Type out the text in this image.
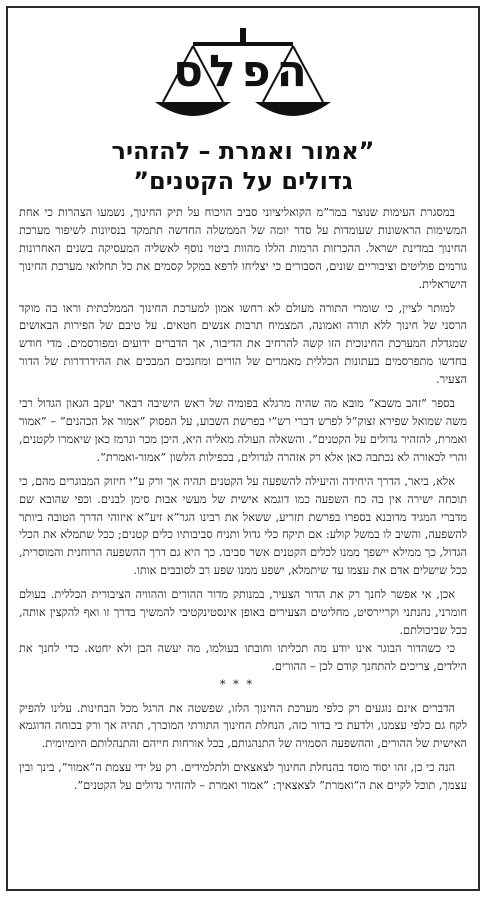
הפלס
”אמור ואמרת – להזהיר
גדולים על הקטנים”

במסגרת העימות שנוצר במר”מ הקואליציוני סביב הויכוח על תיק החינוך, נשמעו הצהרות כי אחת המשימות הראשונות שעומדות על סדר יומה של הממשלה החדשה תתמקד בנסיונות לשיפור מערכת החינוך במדינת ישראל. ההכרזות הרמות הללו מהוות ביטוי נוסף לאשליה המעסיקה בשנים האחרונות גורמים פוליטים וציבוריים שונים, הסבורים כי יצליחו לרפא במקל קסמים את כל תחלואי מערכת החינוך הישראלית.

למותר לציין, כי שומרי התורה מעולם לא רחשו אמון למערכת החינוך הממלכתית וראו בה מוקד הרסני של חינוך ללא תורה ואמונה, המצמיח תרבות אנשים חטאים. על טיבם של הפירות הבאושים שמגדלת המערכת החינוכית הזו קשה להרחיב את הדיבור, אך הדברים ידועים ומפורסמים. מדי חודש בחדשו מתפרסמים בעתונות הכללית מאמרים של הורים ומחנכים המבכים את ההידרדרות של הדור הצעיר.

בספר ”זהב משבא” מובא מה שהיה מרגלא בפומיה של ראש הישיבה דבאר יעקב הגאון הגדול רבי משה שמואל שפירא זצוק”ל לפרש דברי רש”י בפרשת השבוע, על הפסוק ”אמור אל הכהנים” – ”אמור ואמרת, להזהיר גדולים על הקטנים”. והשאלה העולה מאליה היא, היכן מכר ונרמז כאן שיאמרו לקטנים, והרי לכאורה לא נכתבה כאן אלא רק אזהרה לגדולים, בכפילות הלשון ”אמור-ואמרת”.

אלא, ביאר, הדרך היחידה והיעילה להשפעה על הקטנים תהיה אך ורק ע”י חיזוק המבוגרים מהם, כי תוכחה ישירה אין בה כח השפעה כמו דוגמא אישית של מעשי אבות סימן לבנים. וכפי שהובא שם מדברי המגיד מדובנא בספרו בפרשת תזריע, ששאל את רבינו הגר”א זיע”א איזוהי הדרך הטובה ביותר להשפעה, והשיב לו במשל קולע: אם תיקח כלי גדול ותניח סביבותיו כלים קטנים; ככל שתמלא את הכלי הגדול, כך ממילא יישפך ממנו לכלים הקטנים אשר סביבו. כך היא גם דרך ההשפעה הרוחנית והמוסרית, ככל שישלים אדם את עצמו עד שיתמלא, ישפע ממנו שפע רב לסובבים אותו.

אכן, אי אפשר לחנך רק את הדור הצעיר, במנותק מדור ההורים וההוויה הציבורית הכללית. בעולם חומרני, נהנתני וקריירסיט, מחליטים הצעירים באופן אינסטינקטיבי להמשיך בדרך זו ואף להקצין אותה, ככל שביכולתם.

כי כשהדור הבוגר אינו יודע מה תכליתו וחובתו בעולמו, מה יעשה הבן ולא יחטא. כדי לחנך את הילדים, צריכים להתחנך קודם לכן – ההורים.

* * *

הדברים אינם נוגעים רק כלפי מערכת החינוך הלזו, שפשטה את הרגל מכל הבחינות. עלינו להפיק לקח גם כלפי עצמנו, ולדעת כי בדור כזה, הנחלת החינוך התורתי המוכרך, תהיה אך ורק בכוחה הדוגמא האישית של ההורים, וההשפעה הסמויה של התנהגותם, בכל אורחות חייהם והתנהלותם היומיומית.

הנה כי כן, זהו יסוד מוסד בהנחלת החינוך לצאצאים ולתלמידים. רק על ידי עצמת ה”אמור”, בינך ובין עצמך, תוכל לקיים את ה”ואמרת” לצאצאיך: ”אמור ואמרת – להזהיר גדולים על הקטנים”.
